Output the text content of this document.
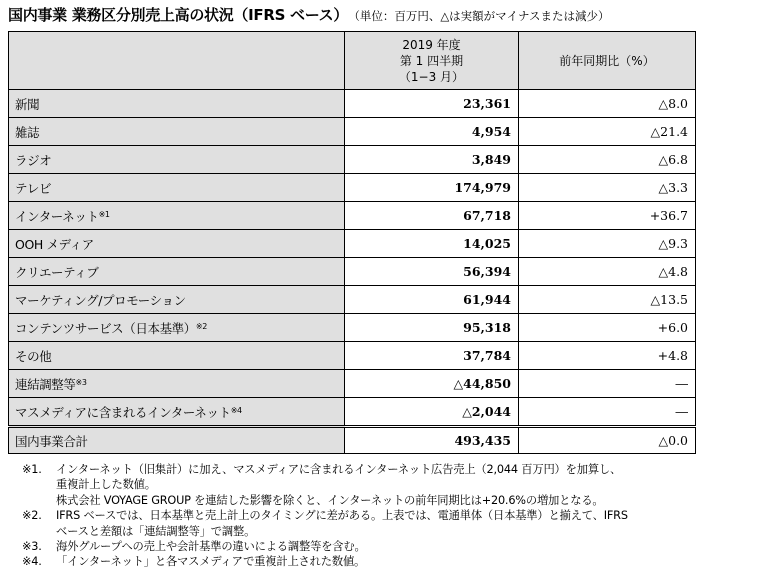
国内事業 業務区分別売上高の状況（IFRS ベース） （単位：百万円、△は実額がマイナスまたは減少）

	2019 年度
第 1 四半期
（1−3 月）	前年同期比（%）
新聞	23,361	△8.0
雑誌	4,954	△21.4
ラジオ	3,849	△6.8
テレビ	174,979	△3.3
インターネット$^{※1}$	67,718	+36.7
OOH メディア	14,025	△9.3
クリエーティブ	56,394	△4.8
マーケティング/プロモーション	61,944	△13.5
コンテンツサービス（日本基準）$^{※2}$	95,318	+6.0
その他	37,784	+4.8
連結調整等$^{※3}$	△44,850	―
マスメディアに含まれるインターネット$^{※4}$	△2,044	―
国内事業合計	493,435	△0.0
※1.	インターネット（旧集計）に加え、マスメディアに含まれるインターネット広告売上（2,044 百万円）を加算し、
重複計上した数値。
株式会社 VOYAGE GROUP を連結した影響を除くと、インターネットの前年同期比は+20.6%の増加となる。
※2.	IFRS ベースでは、日本基準と売上計上のタイミングに差がある。上表では、電通単体（日本基準）と揃えて、IFRS
ベースと差額は「連結調整等」で調整。
※3.	海外グループへの売上や会計基準の違いによる調整等を含む。
※4.	「インターネット」と各マスメディアで重複計上された数値。
